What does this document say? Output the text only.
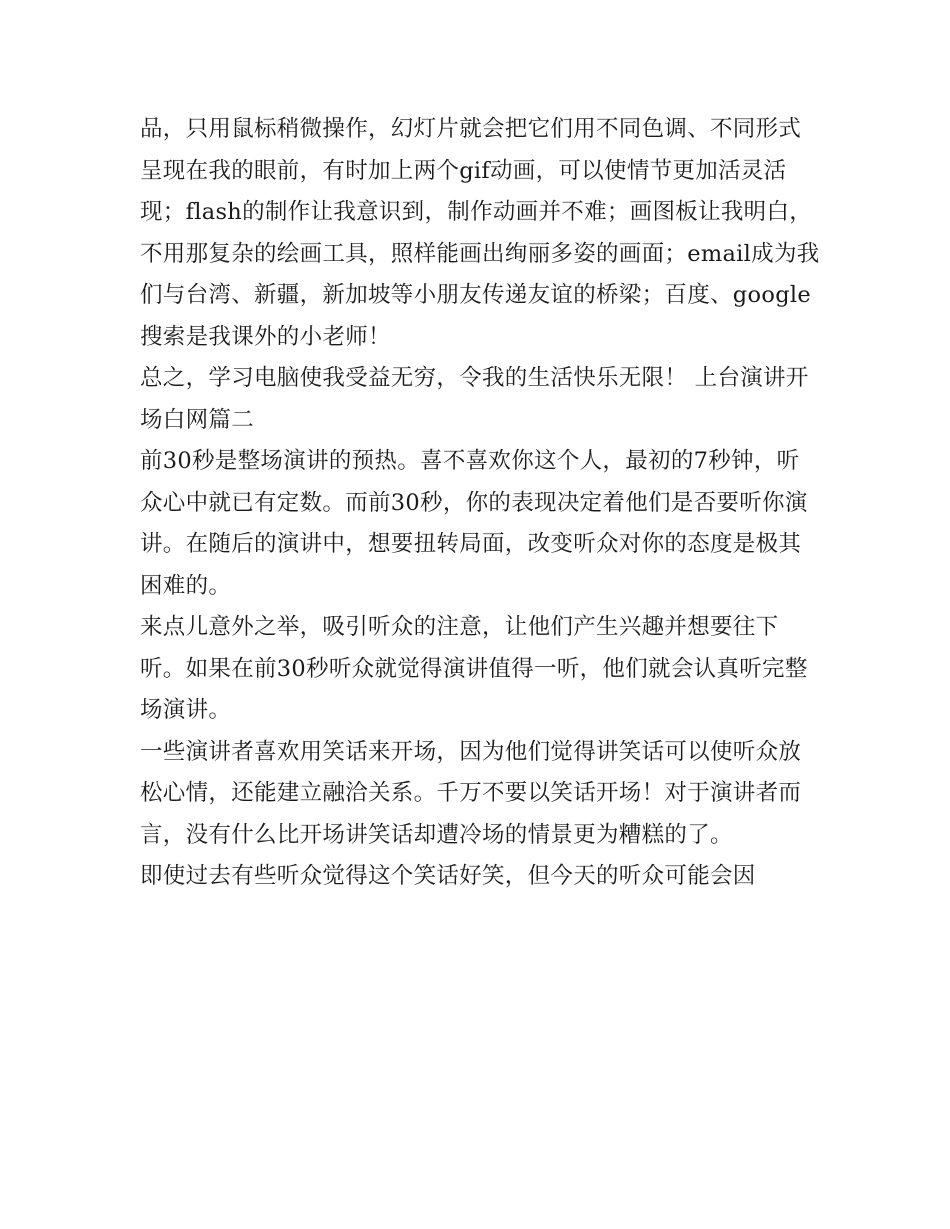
品，只用鼠标稍微操作，幻灯片就会把它们用不同色调、不同形式呈现在我的眼前，有时加上两个gif动画，可以使情节更加活灵活现；flash的制作让我意识到，制作动画并不难；画图板让我明白，不用那复杂的绘画工具，照样能画出绚丽多姿的画面；email成为我们与台湾、新疆，新加坡等小朋友传递友谊的桥梁；百度、google搜索是我课外的小老师！

总之，学习电脑使我受益无穷，令我的生活快乐无限！ 上台演讲开场白网篇二

前30秒是整场演讲的预热。喜不喜欢你这个人，最初的7秒钟，听众心中就已有定数。而前30秒，你的表现决定着他们是否要听你演讲。在随后的演讲中，想要扭转局面，改变听众对你的态度是极其困难的。

来点儿意外之举，吸引听众的注意，让他们产生兴趣并想要往下听。如果在前30秒听众就觉得演讲值得一听，他们就会认真听完整场演讲。

一些演讲者喜欢用笑话来开场，因为他们觉得讲笑话可以使听众放松心情，还能建立融洽关系。千万不要以笑话开场！对于演讲者而言，没有什么比开场讲笑话却遭冷场的情景更为糟糕的了。

即使过去有些听众觉得这个笑话好笑，但今天的听众可能会因
